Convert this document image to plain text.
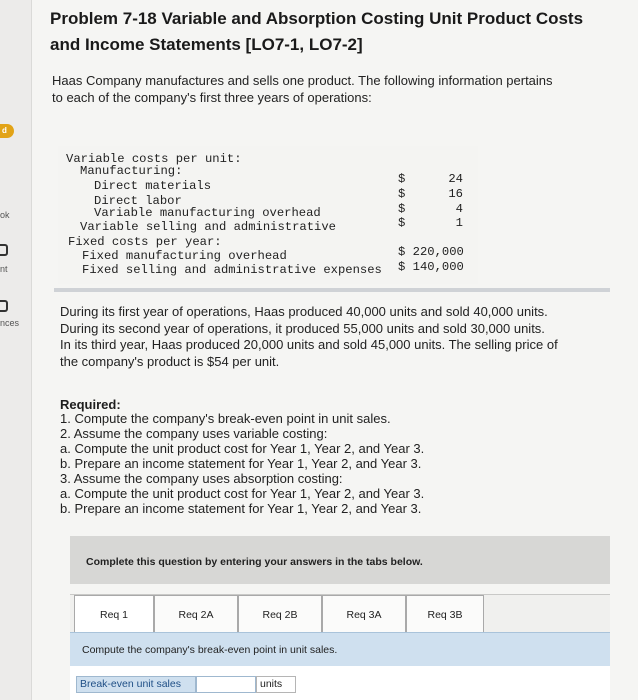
d
ok
nt
nces
Problem 7-18 Variable and Absorption Costing Unit Product Costs
and Income Statements [LO7-1, LO7-2]
Haas Company manufactures and sells one product. The following information pertains
to each of the company's first three years of operations:
Variable costs per unit:
Manufacturing:
Direct materials	$	24
Direct labor	$	16
Variable manufacturing overhead	$	4
Variable selling and administrative	$	1
Fixed costs per year:
Fixed manufacturing overhead	$ 220,000
Fixed selling and administrative expenses $ 140,000
During its first year of operations, Haas produced 40,000 units and sold 40,000 units.
During its second year of operations, it produced 55,000 units and sold 30,000 units.
In its third year, Haas produced 20,000 units and sold 45,000 units. The selling price of
the company's product is $54 per unit.
Required:
1. Compute the company's break-even point in unit sales.
2. Assume the company uses variable costing:
a. Compute the unit product cost for Year 1, Year 2, and Year 3.
b. Prepare an income statement for Year 1, Year 2, and Year 3.
3. Assume the company uses absorption costing:
a. Compute the unit product cost for Year 1, Year 2, and Year 3.
b. Prepare an income statement for Year 1, Year 2, and Year 3.
Complete this question by entering your answers in the tabs below.
Req 1	Req 2A	Req 2B	Req 3A	Req 3B
Compute the company's break-even point in unit sales.
Break-even unit sales	units
